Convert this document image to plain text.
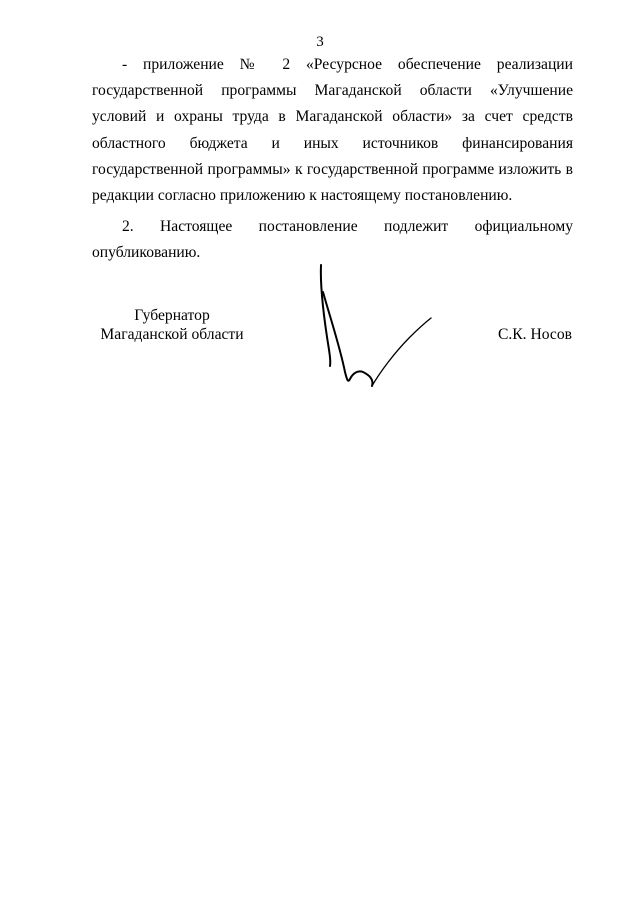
3

- приложение № 2 «Ресурсное обеспечение реализации государственной программы Магаданской области «Улучшение условий и охраны труда в Магаданской области» за счет средств областного бюджета и иных источников финансирования государственной программы» к государственной программе изложить в редакции согласно приложению к настоящему постановлению.

2. Настоящее постановление подлежит официальному опубликованию.

Губернатор
Магаданской области	С.К. Носов
